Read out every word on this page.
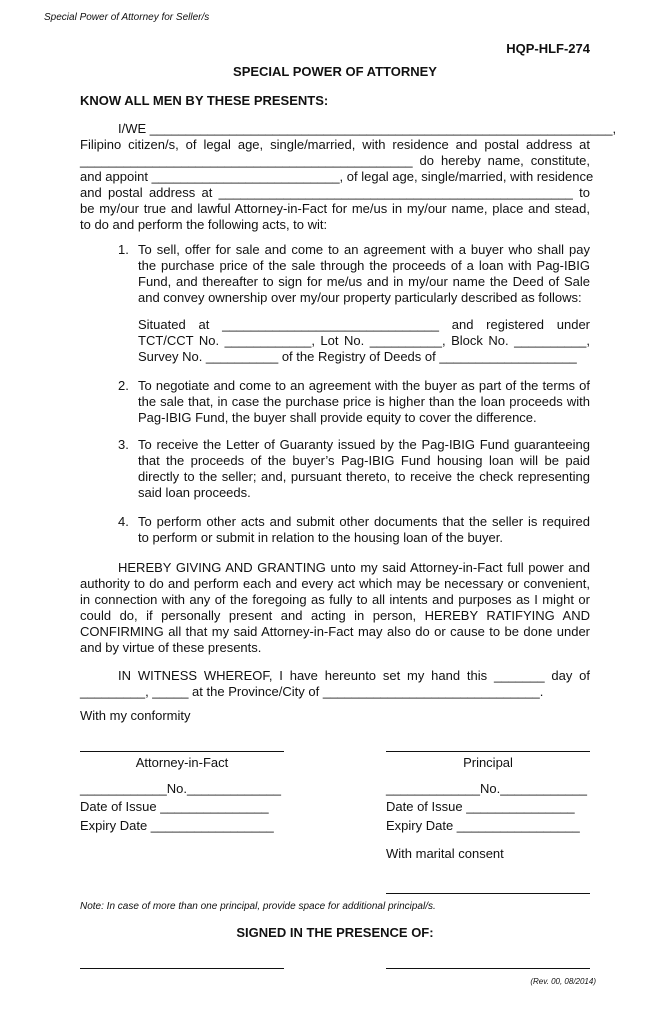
Special Power of Attorney for Seller/s
HQP-HLF-274
SPECIAL POWER OF ATTORNEY
KNOW ALL MEN BY THESE PRESENTS:
I/WE ________________________________________________________________,
Filipino citizen/s, of legal age, single/married, with residence and postal address at
______________________________________________ do hereby name, constitute,
and appoint __________________________, of legal age, single/married, with residence
and postal address at _________________________________________________ to
be my/our true and lawful Attorney-in-Fact for me/us in my/our name, place and stead,
to do and perform the following acts, to wit:
1. To sell, offer for sale and come to an agreement with a buyer who shall pay
the purchase price of the sale through the proceeds of a loan with Pag-IBIG
Fund, and thereafter to sign for me/us and in my/our name the Deed of Sale
and convey ownership over my/our property particularly described as follows:
Situated at ______________________________ and registered under
TCT/CCT No. ____________, Lot No. __________, Block No. __________,
Survey No. __________ of the Registry of Deeds of ___________________
2. To negotiate and come to an agreement with the buyer as part of the terms of
the sale that, in case the purchase price is higher than the loan proceeds with
Pag-IBIG Fund, the buyer shall provide equity to cover the difference.
3. To receive the Letter of Guaranty issued by the Pag-IBIG Fund guaranteeing
that the proceeds of the buyer’s Pag-IBIG Fund housing loan will be paid
directly to the seller; and, pursuant thereto, to receive the check representing
said loan proceeds.
4. To perform other acts and submit other documents that the seller is required
to perform or submit in relation to the housing loan of the buyer.
HEREBY GIVING AND GRANTING unto my said Attorney-in-Fact full power and
authority to do and perform each and every act which may be necessary or convenient,
in connection with any of the foregoing as fully to all intents and purposes as I might or
could do, if personally present and acting in person, HEREBY RATIFYING AND
CONFIRMING all that my said Attorney-in-Fact may also do or cause to be done under
and by virtue of these presents.
IN WITNESS WHEREOF, I have hereunto set my hand this _______ day of
_________, _____ at the Province/City of ______________________________.
With my conformity
Attorney-in-Fact
____________No._____________
Date of Issue _______________
Expiry Date _________________
Principal
_____________No.____________
Date of Issue _______________
Expiry Date _________________
With marital consent
Note: In case of more than one principal, provide space for additional principal/s.
SIGNED IN THE PRESENCE OF:
(Rev. 00, 08/2014)
